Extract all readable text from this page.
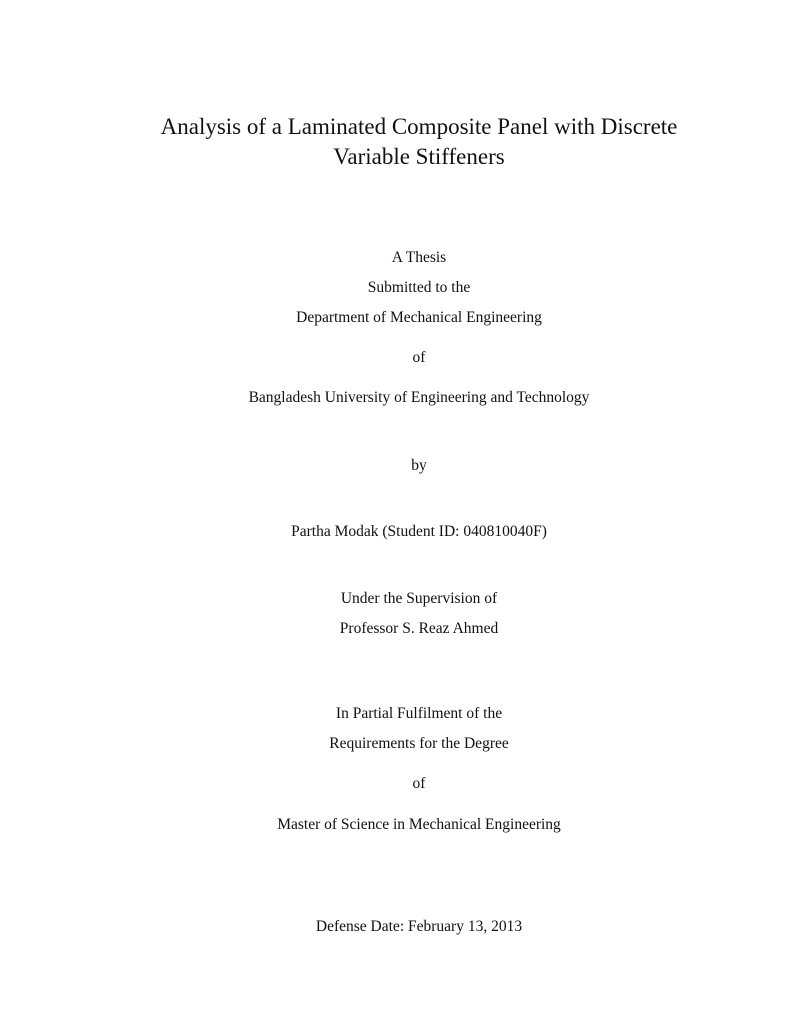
Analysis of a Laminated Composite Panel with Discrete
Variable Stiffeners
A Thesis
Submitted to the
Department of Mechanical Engineering
of
Bangladesh University of Engineering and Technology
by
Partha Modak (Student ID: 040810040F)
Under the Supervision of
Professor S. Reaz Ahmed
In Partial Fulfilment of the
Requirements for the Degree
of
Master of Science in Mechanical Engineering
Defense Date: February 13, 2013
